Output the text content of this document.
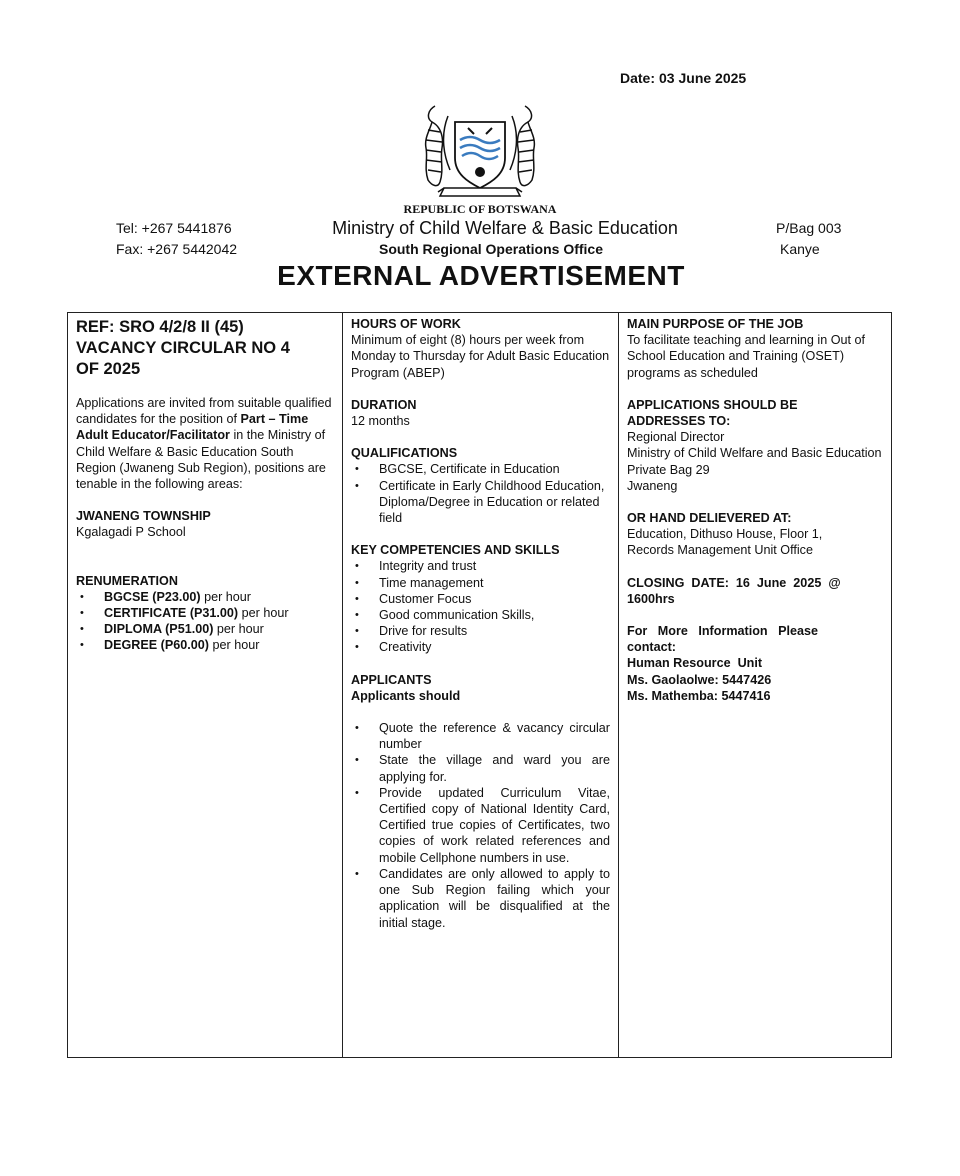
Date: 03 June 2025
REPUBLIC OF BOTSWANA
Tel: +267 5441876
Fax: +267 5442042
Ministry of Child Welfare & Basic Education
South Regional Operations Office
P/Bag 003
Kanye
EXTERNAL ADVERTISEMENT
REF: SRO 4/2/8 II (45)
VACANCY CIRCULAR NO 4
OF 2025
Applications are invited from suitable qualified candidates for the position of Part – Time Adult Educator/Facilitator in the Ministry of Child Welfare & Basic Education South Region (Jwaneng Sub Region), positions are tenable in the following areas:
JWANENG TOWNSHIP
Kgalagadi P School
RENUMERATION
• BGCSE (P23.00) per hour
• CERTIFICATE (P31.00) per hour
• DIPLOMA (P51.00) per hour
• DEGREE (P60.00) per hour
HOURS OF WORK
Minimum of eight (8) hours per week from Monday to Thursday for Adult Basic Education Program (ABEP)
DURATION
12 months
QUALIFICATIONS
• BGCSE, Certificate in Education
• Certificate in Early Childhood Education, Diploma/Degree in Education or related field
KEY COMPETENCIES AND SKILLS
• Integrity and trust
• Time management
• Customer Focus
• Good communication Skills,
• Drive for results
• Creativity
APPLICANTS
Applicants should
• Quote the reference & vacancy circular number
• State the village and ward you are applying for.
• Provide updated Curriculum Vitae, Certified copy of National Identity Card, Certified true copies of Certificates, two copies of work related references and mobile Cellphone numbers in use.
• Candidates are only allowed to apply to one Sub Region failing which your application will be disqualified at the initial stage.
MAIN PURPOSE OF THE JOB
To facilitate teaching and learning in Out of School Education and Training (OSET) programs as scheduled
APPLICATIONS SHOULD BE
ADDRESSES TO:
Regional Director
Ministry of Child Welfare and Basic Education
Private Bag 29
Jwaneng
OR HAND DELIEVERED AT:
Education, Dithuso House, Floor 1,
Records Management Unit Office
CLOSING  DATE:  16  June  2025  @
1600hrs
For   More   Information   Please
contact:
Human Resource  Unit
Ms. Gaolaolwe: 5447426
Ms. Mathemba: 5447416
